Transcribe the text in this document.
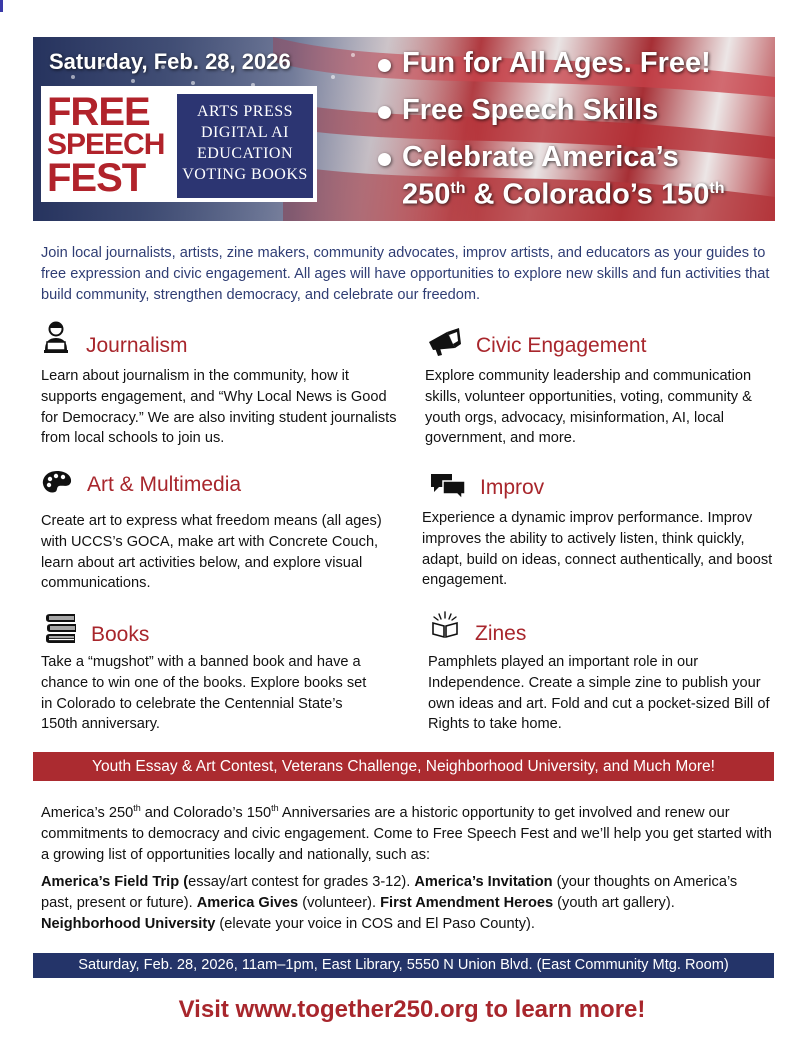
Saturday, Feb. 28, 2026
FREE
SPEECH
FEST
ARTS PRESS
DIGITAL AI
EDUCATION
VOTING BOOKS
Fun for All Ages. Free!
Free Speech Skills
Celebrate America’s
250th & Colorado’s 150th
Join local journalists, artists, zine makers, community advocates, improv artists, and educators as your guides to free expression and civic engagement. All ages will have opportunities to explore new skills and fun activities that build community, strengthen democracy, and celebrate our freedom.
Journalism
Learn about journalism in the community, how it supports engagement, and “Why Local News is Good for Democracy.” We are also inviting student journalists from local schools to join us.
Civic Engagement
Explore community leadership and communication skills, volunteer opportunities, voting, community & youth orgs, advocacy, misinformation, AI, local government, and more.
Art & Multimedia
Create art to express what freedom means (all ages) with UCCS’s GOCA, make art with Concrete Couch, learn about art activities below, and explore visual communications.
Improv
Experience a dynamic improv performance. Improv improves the ability to actively listen, think quickly, adapt, build on ideas, connect authentically, and boost engagement.
Books
Take a “mugshot” with a banned book and have a chance to win one of the books. Explore books set in Colorado to celebrate the Centennial State’s 150th anniversary.
Zines
Pamphlets played an important role in our Independence. Create a simple zine to publish your own ideas and art. Fold and cut a pocket-sized Bill of Rights to take home.
Youth Essay & Art Contest, Veterans Challenge, Neighborhood University, and Much More!
America’s 250th and Colorado’s 150th Anniversaries are a historic opportunity to get involved and renew our commitments to democracy and civic engagement. Come to Free Speech Fest and we’ll help you get started with a growing list of opportunities locally and nationally, such as:
America’s Field Trip (essay/art contest for grades 3-12). America’s Invitation (your thoughts on America’s past, present or future). America Gives (volunteer). First Amendment Heroes (youth art gallery). Neighborhood University (elevate your voice in COS and El Paso County).
Saturday, Feb. 28, 2026, 11am–1pm, East Library, 5550 N Union Blvd. (East Community Mtg. Room)
Visit www.together250.org to learn more!
